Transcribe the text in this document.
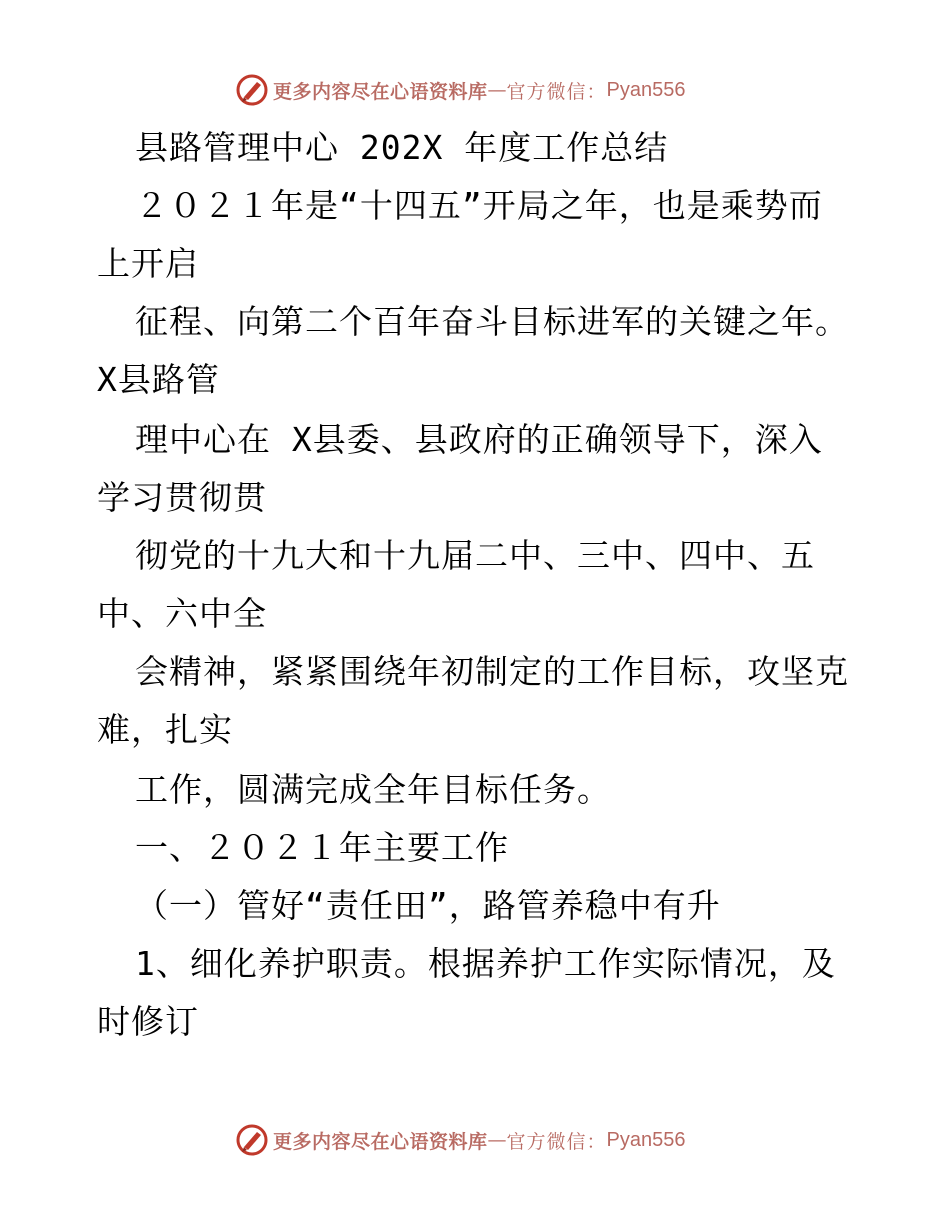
更多内容尽在心语资料库 — 官方微信： Pyan556
县路管理中心 202X 年度工作总结
２０２１年是“十四五”开局之年，也是乘势而
上开启
征程、向第二个百年奋斗目标进军的关键之年。
X县路管
理中心在 X县委、县政府的正确领导下，深入
学习贯彻贯
彻党的十九大和十九届二中、三中、四中、五
中、六中全
会精神，紧紧围绕年初制定的工作目标，攻坚克
难，扎实
工作，圆满完成全年目标任务。
一、２０２１年主要工作
（一）管好“责任田”，路管养稳中有升
1、细化养护职责。根据养护工作实际情况，及
时修订
更多内容尽在心语资料库 — 官方微信： Pyan556
